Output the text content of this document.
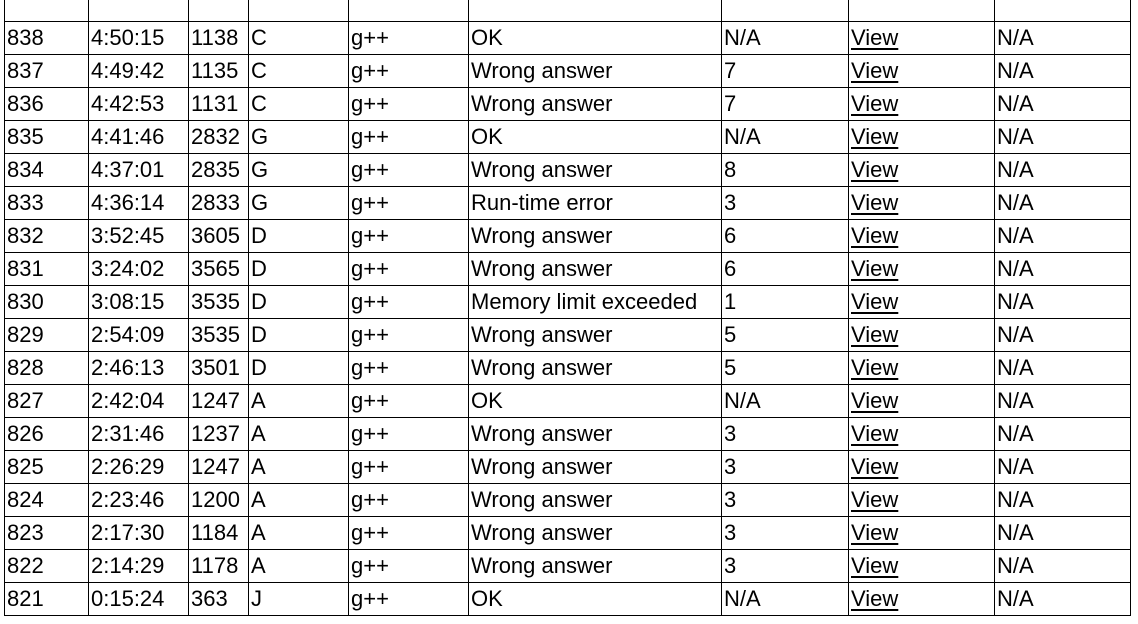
838	4:50:15	1138	C	g++	OK	N/A	View	N/A
837	4:49:42	1135	C	g++	Wrong answer	7	View	N/A
836	4:42:53	1131	C	g++	Wrong answer	7	View	N/A
835	4:41:46	2832	G	g++	OK	N/A	View	N/A
834	4:37:01	2835	G	g++	Wrong answer	8	View	N/A
833	4:36:14	2833	G	g++	Run-time error	3	View	N/A
832	3:52:45	3605	D	g++	Wrong answer	6	View	N/A
831	3:24:02	3565	D	g++	Wrong answer	6	View	N/A
830	3:08:15	3535	D	g++	Memory limit exceeded	1	View	N/A
829	2:54:09	3535	D	g++	Wrong answer	5	View	N/A
828	2:46:13	3501	D	g++	Wrong answer	5	View	N/A
827	2:42:04	1247	A	g++	OK	N/A	View	N/A
826	2:31:46	1237	A	g++	Wrong answer	3	View	N/A
825	2:26:29	1247	A	g++	Wrong answer	3	View	N/A
824	2:23:46	1200	A	g++	Wrong answer	3	View	N/A
823	2:17:30	1184	A	g++	Wrong answer	3	View	N/A
822	2:14:29	1178	A	g++	Wrong answer	3	View	N/A
821	0:15:24	363	J	g++	OK	N/A	View	N/A
